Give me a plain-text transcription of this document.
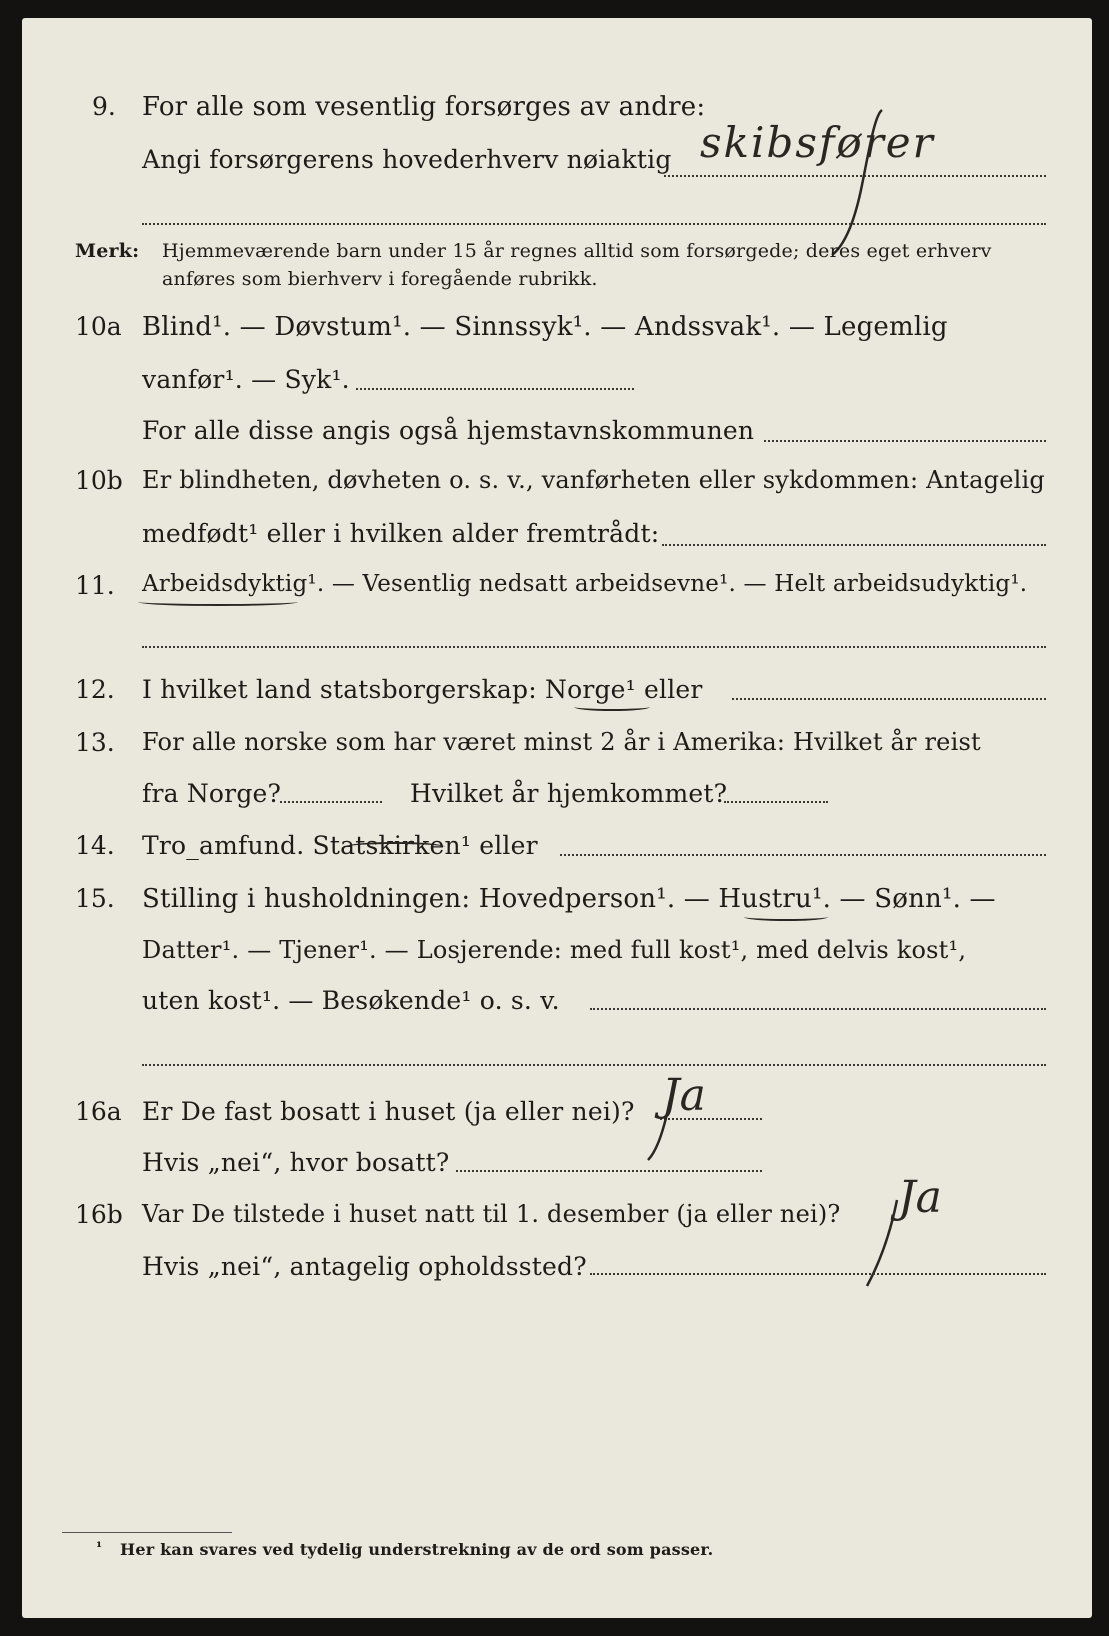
9. For alle som vesentlig forsørges av andre:
Angi forsørgerens hovederhverv nøiaktig skibsfører
Merk: Hjemmeværende barn under 15 år regnes alltid som forsørgede; deres eget erhverv
anføres som bierhverv i foregående rubrikk.
10a Blind¹. — Døvstum¹. — Sinnssyk¹. — Andssvak¹. — Legemlig
vanfør¹. — Syk¹.
For alle disse angis også hjemstavnskommunen
10b Er blindheten, døvheten o. s. v., vanførheten eller sykdommen: Antagelig
medfødt¹ eller i hvilken alder fremtrådt:
11. Arbeidsdyktig¹. — Vesentlig nedsatt arbeidsevne¹. — Helt arbeidsudyktig¹.
12. I hvilket land statsborgerskap: Norge¹ eller
13. For alle norske som har været minst 2 år i Amerika: Hvilket år reist
fra Norge?	Hvilket år hjemkommet?
14. Tro_amfund. Statskirken¹ eller
15. Stilling i husholdningen: Hovedperson¹. — Hustru¹. — Sønn¹. —
Datter¹. — Tjener¹. — Losjerende: med full kost¹, med delvis kost¹,
uten kost¹. — Besøkende¹ o. s. v.
16a Er De fast bosatt i huset (ja eller nei)? Ja
Hvis „nei“, hvor bosatt?
16b Var De tilstede i huset natt til 1. desember (ja eller nei)? Ja
Hvis „nei“, antagelig opholdssted?
¹ Her kan svares ved tydelig understrekning av de ord som passer.
